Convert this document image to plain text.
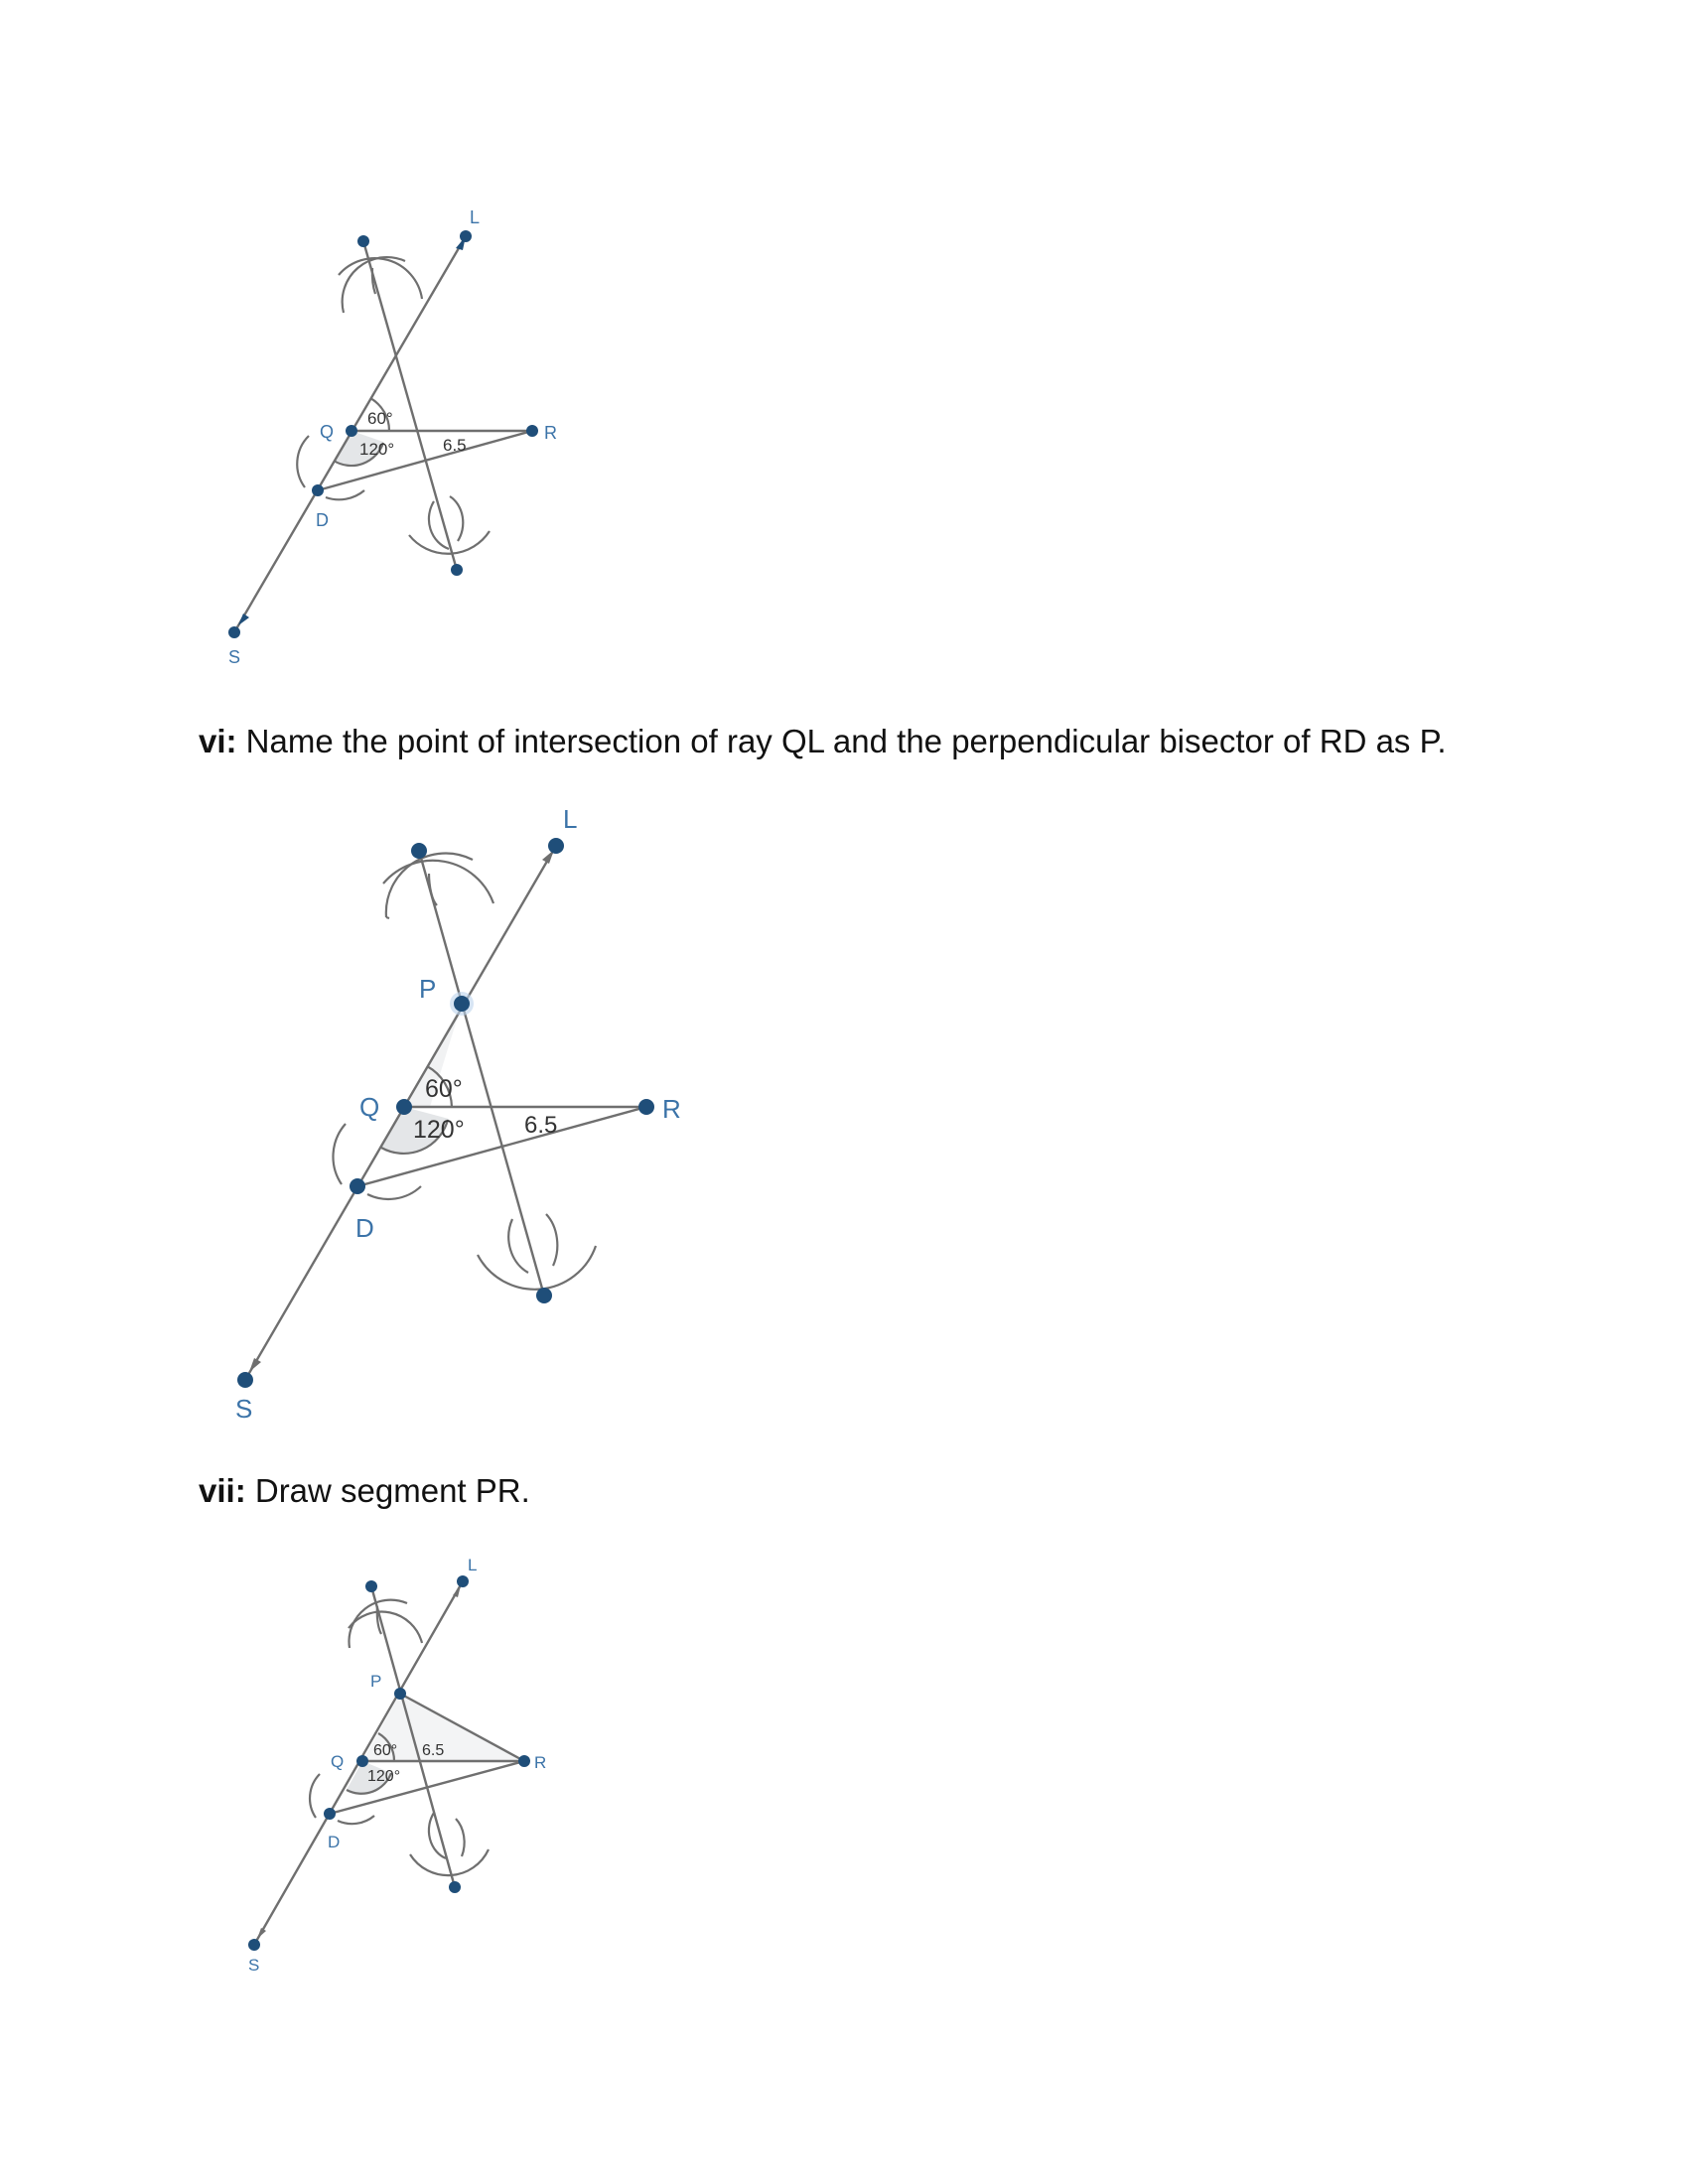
L
Q	R
D
S
60°
120°	6.5

vi: Name the point of intersection of ray QL and the perpendicular bisector of RD as P.

L
P
Q	R
D
S
60°
120°	6.5

vii: Draw segment PR.

L
P
Q	R
D
S
60°
120°
6.5
